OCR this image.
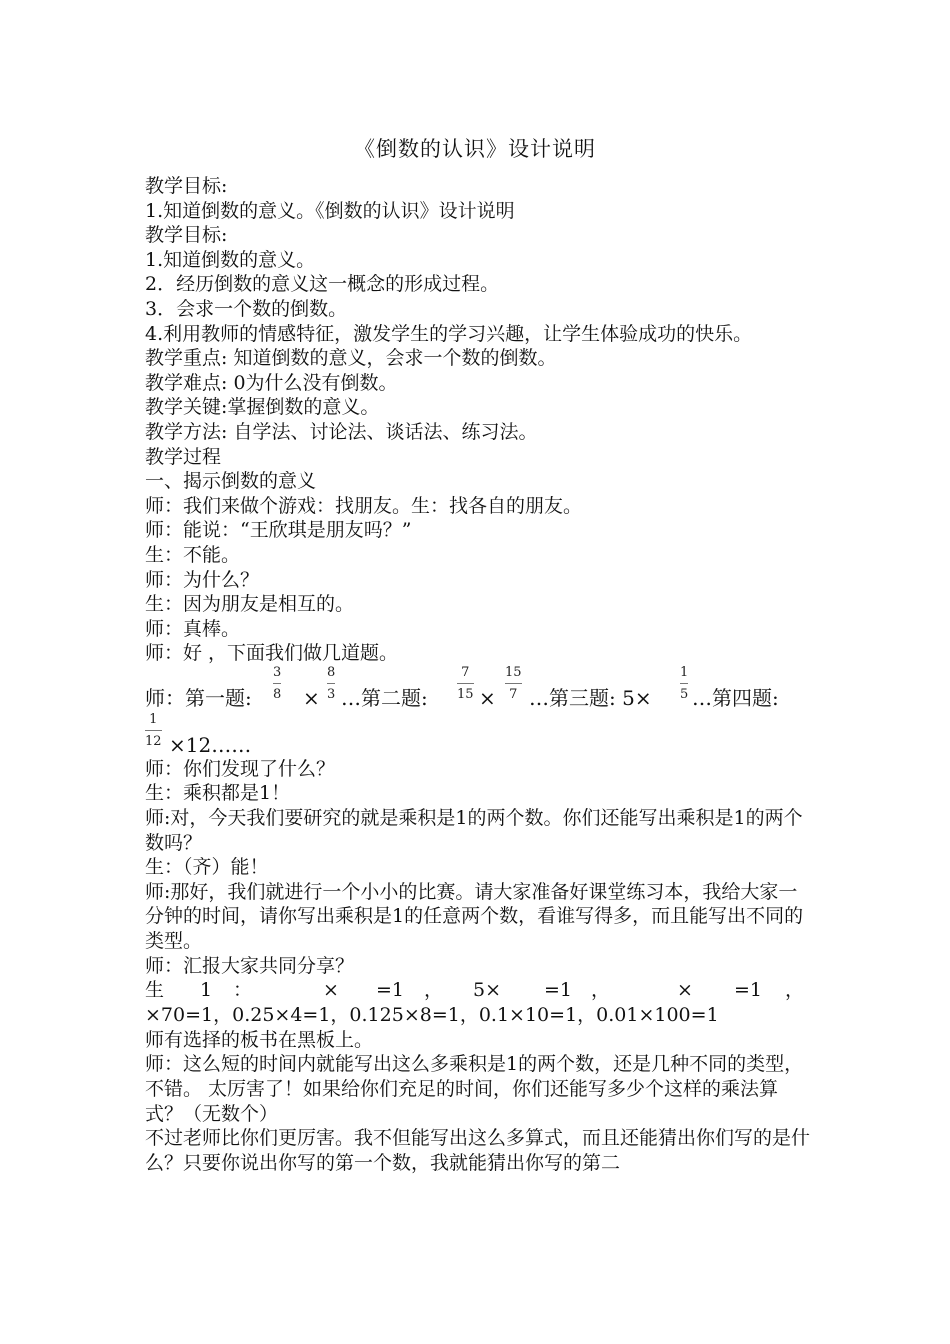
《倒数的认识》设计说明
教学目标:
1.知道倒数的意义。《倒数的认识》设计说明
教学目标:
1.知道倒数的意义。
2．经历倒数的意义这一概念的形成过程。
3．会求一个数的倒数。
4.利用教师的情感特征，激发学生的学习兴趣，让学生体验成功的快乐。
教学重点: 知道倒数的意义，会求一个数的倒数。
教学难点: 0为什么没有倒数。
教学关键:掌握倒数的意义。
教学方法: 自学法、讨论法、谈话法、练习法。
教学过程
一、揭示倒数的意义
师：我们来做个游戏：找朋友。生：找各自的朋友。
师：能说：“王欣琪是朋友吗？”
生：不能。
师：为什么？
生：因为朋友是相互的。
师：真棒。
师：好 ，下面我们做几道题。
师：第一题:
3
8 ×
8
3 …第二题:
7
15 ×
15
7 …第三题: 5×
1
5 …第四题:
1
12 ×12……
师：你们发现了什么？
生：乘积都是1！
师:对，今天我们要研究的就是乘积是1的两个数。你们还能写出乘积是1的两个数吗？
生：（齐）能！
师:那好，我们就进行一个小小的比赛。请大家准备好课堂练习本，我给大家一分钟的时间，请你写出乘积是1的任意两个数，看谁写得多，而且能写出不同的类型。
师：汇报大家共同分享？
生 1 ：	× =1 ， 5× =1 ，	× =1 ，
×70=1，0.25×4=1，0.125×8=1，0.1×10=1，0.01×100=1
师有选择的板书在黑板上。
师：这么短的时间内就能写出这么多乘积是1的两个数，还是几种不同的类型，不错。 太厉害了！如果给你们充足的时间，你们还能写多少个这样的乘法算式？（无数个）
不过老师比你们更厉害。我不但能写出这么多算式，而且还能猜出你们写的是什么？只要你说出你写的第一个数，我就能猜出你写的第二
